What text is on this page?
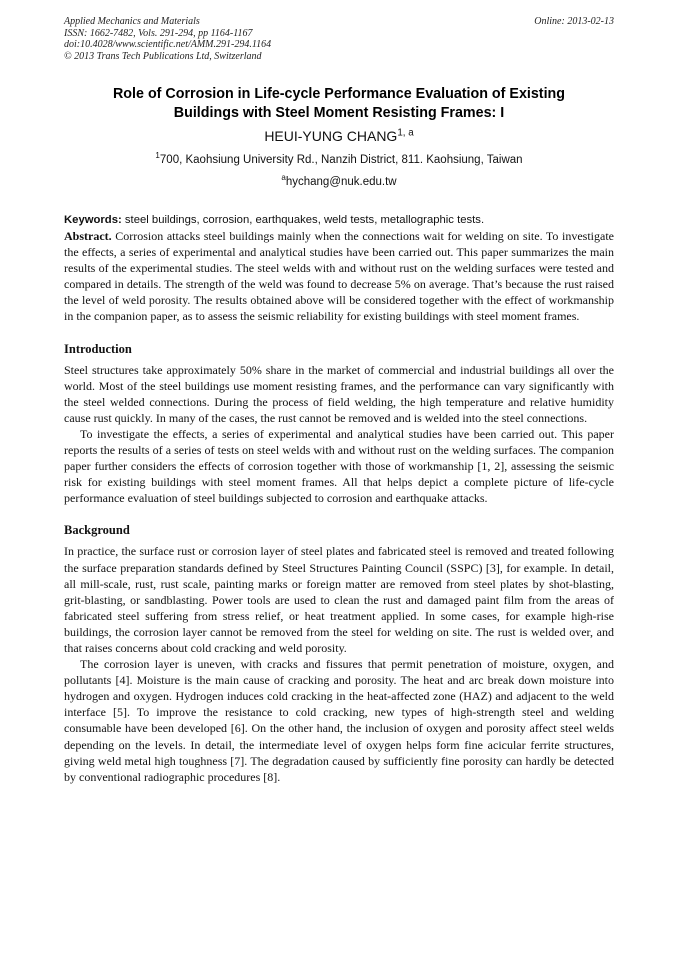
Applied Mechanics and Materials
ISSN: 1662-7482, Vols. 291-294, pp 1164-1167
doi:10.4028/www.scientific.net/AMM.291-294.1164
© 2013 Trans Tech Publications Ltd, Switzerland
Online: 2013-02-13
Role of Corrosion in Life-cycle Performance Evaluation of Existing
Buildings with Steel Moment Resisting Frames: I
HEUI-YUNG CHANG$^{1, a}$
$^1$700, Kaohsiung University Rd., Nanzih District, 811. Kaohsiung, Taiwan
$^a$hychang@nuk.edu.tw
Keywords: steel buildings, corrosion, earthquakes, weld tests, metallographic tests.

Abstract. Corrosion attacks steel buildings mainly when the connections wait for welding on site. To investigate the effects, a series of experimental and analytical studies have been carried out. This paper summarizes the main results of the experimental studies. The steel welds with and without rust on the welding surfaces were tested and compared in details. The strength of the weld was found to decrease 5% on average. That’s because the rust raised the level of weld porosity. The results obtained above will be considered together with the effect of workmanship in the companion paper, as to assess the seismic reliability for existing buildings with steel moment frames.

Introduction

Steel structures take approximately 50% share in the market of commercial and industrial buildings all over the world. Most of the steel buildings use moment resisting frames, and the performance can vary significantly with the steel welded connections. During the process of field welding, the high temperature and relative humidity cause rust quickly. In many of the cases, the rust cannot be removed and is welded into the steel connections.

To investigate the effects, a series of experimental and analytical studies have been carried out. This paper reports the results of a series of tests on steel welds with and without rust on the welding surfaces. The companion paper further considers the effects of corrosion together with those of workmanship [1, 2], assessing the seismic risk for existing buildings with steel moment frames. All that helps depict a complete picture of life-cycle performance evaluation of steel buildings subjected to corrosion and earthquake attacks.

Background

In practice, the surface rust or corrosion layer of steel plates and fabricated steel is removed and treated following the surface preparation standards defined by Steel Structures Painting Council (SSPC) [3], for example. In detail, all mill-scale, rust, rust scale, painting marks or foreign matter are removed from steel plates by shot-blasting, grit-blasting, or sandblasting. Power tools are used to clean the rust and damaged paint film from the areas of fabricated steel suffering from stress relief, or heat treatment applied. In some cases, for example high-rise buildings, the corrosion layer cannot be removed from the steel for welding on site. The rust is welded over, and that raises concerns about cold cracking and weld porosity.

The corrosion layer is uneven, with cracks and fissures that permit penetration of moisture, oxygen, and pollutants [4]. Moisture is the main cause of cracking and porosity. The heat and arc break down moisture into hydrogen and oxygen. Hydrogen induces cold cracking in the heat-affected zone (HAZ) and adjacent to the weld interface [5]. To improve the resistance to cold cracking, new types of high-strength steel and welding consumable have been developed [6]. On the other hand, the inclusion of oxygen and porosity affect steel welds depending on the levels. In detail, the intermediate level of oxygen helps form fine acicular ferrite structures, giving weld metal high toughness [7]. The degradation caused by sufficiently fine porosity can hardly be detected by conventional radiographic procedures [8].
